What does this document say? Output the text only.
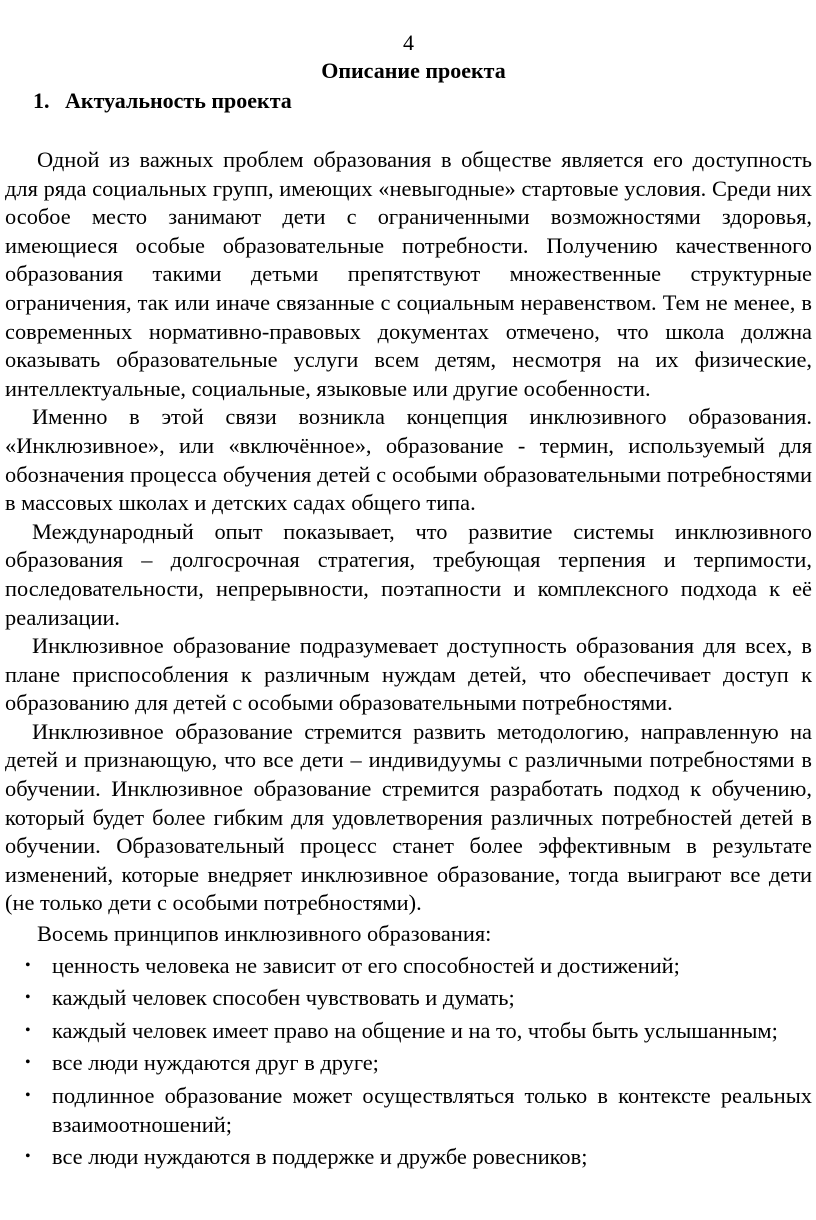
4
Описание проекта
1. Актуальность проекта

Одной из важных проблем образования в обществе является его доступность для ряда социальных групп, имеющих «невыгодные» стартовые условия. Среди них особое место занимают дети с ограниченными возможностями здоровья, имеющиеся особые образовательные потребности. Получению качественного образования такими детьми препятствуют множественные структурные ограничения, так или иначе связанные с социальным неравенством. Тем не менее, в современных нормативно-правовых документах отмечено, что школа должна оказывать образовательные услуги всем детям, несмотря на их физические, интеллектуальные, социальные, языковые или другие особенности.

Именно в этой связи возникла концепция инклюзивного образования. «Инклюзивное», или «включённое», образование - термин, используемый для обозначения процесса обучения детей с особыми образовательными потребностями в массовых школах и детских садах общего типа.

Международный опыт показывает, что развитие системы инклюзивного образования – долгосрочная стратегия, требующая терпения и терпимости, последовательности, непрерывности, поэтапности и комплексного подхода к её реализации.

Инклюзивное образование подразумевает доступность образования для всех, в плане приспособления к различным нуждам детей, что обеспечивает доступ к образованию для детей с особыми образовательными потребностями.

Инклюзивное образование стремится развить методологию, направленную на детей и признающую, что все дети – индивидуумы с различными потребностями в обучении. Инклюзивное образование стремится разработать подход к обучению, который будет более гибким для удовлетворения различных потребностей детей в обучении. Образовательный процесс станет более эффективным в результате изменений, которые внедряет инклюзивное образование, тогда выиграют все дети (не только дети с особыми потребностями).

Восемь принципов инклюзивного образования:

• ценность человека не зависит от его способностей и достижений;
• каждый человек способен чувствовать и думать;
• каждый человек имеет право на общение и на то, чтобы быть услышанным;
• все люди нуждаются друг в друге;
• подлинное образование может осуществляться только в контексте реальных взаимоотношений;
• все люди нуждаются в поддержке и дружбе ровесников;
